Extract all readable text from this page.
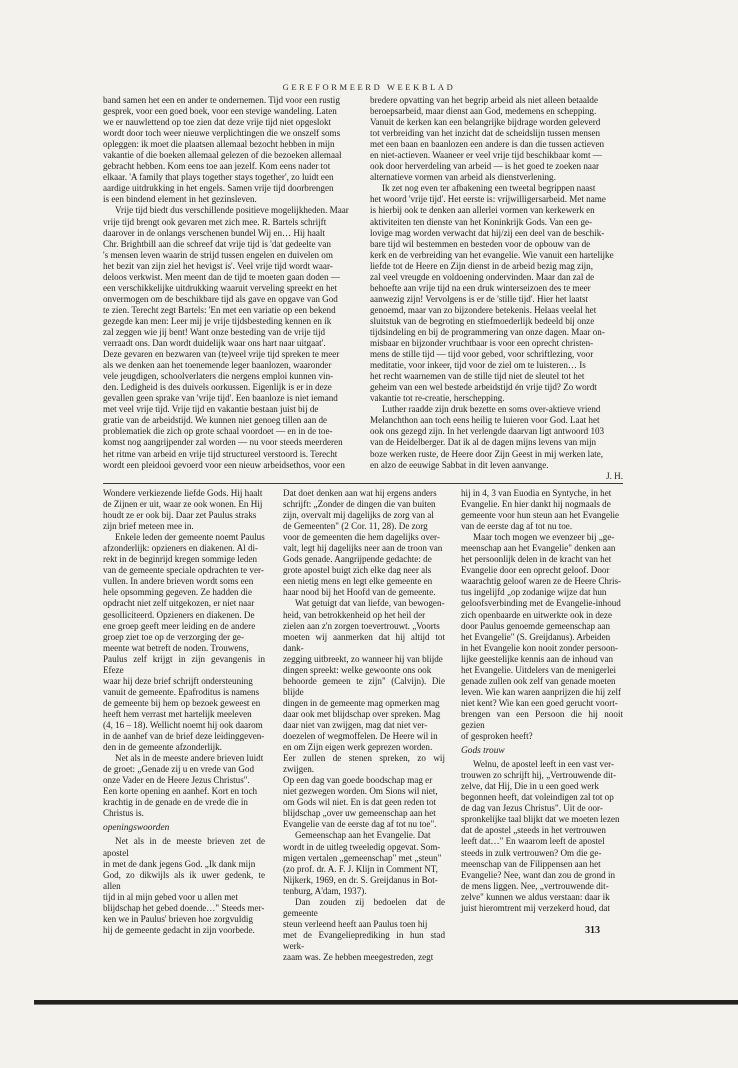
GEREFORMEERD WEEKBLAD

band samen het een en ander te ondernemen. Tijd voor een rustig
gesprek, voor een goed boek, voor een stevige wandeling. Laten
we er nauwlettend op toe zien dat deze vrije tijd niet opgeslokt
wordt door toch weer nieuwe verplichtingen die we onszelf soms
opleggen: ik moet die plaatsen allemaal bezocht hebben in mijn
vakantie of die boeken allemaal gelezen of die bezoeken allemaal
gebracht hebben. Kom eens toe aan jezelf. Kom eens nader tot
elkaar. 'A family that plays together stays together', zo luidt een
aardige uitdrukking in het engels. Samen vrije tijd doorbrengen
is een bindend element in het gezinsleven.

Vrije tijd biedt dus verschillende positieve mogelijkheden. Maar
vrije tijd brengt ook gevaren met zich mee. R. Bartels schrijft
daarover in de onlangs verschenen bundel Wij en… Hij haalt
Chr. Brightbill aan die schreef dat vrije tijd is 'dat gedeelte van
's mensen leven waarin de strijd tussen engelen en duivelen om
het bezit van zijn ziel het hevigst is'. Veel vrije tijd wordt waar-
deloos verkwist. Men meent dan de tijd te moeten gaan doden —
een verschikkelijke uitdrukking waaruit verveling spreekt en het
onvermogen om de beschikbare tijd als gave en opgave van God
te zien. Terecht zegt Bartels: 'En met een variatie op een bekend
gezegde kan men: Leer mij je vrije tijdsbesteding kennen en ik
zal zeggen wie jij bent! Want onze besteding van de vrije tijd
verraadt ons. Dan wordt duidelijk waar ons hart naar uitgaat'.
Deze gevaren en bezwaren van (te)veel vrije tijd spreken te meer
als we denken aan het toenemende leger baanlozen, waaronder
vele jeugdigen, schoolverlaters die nergens emploi kunnen vin-
den. Ledigheid is des duivels oorkussen. Eigenlijk is er in deze
gevallen geen sprake van 'vrije tijd'. Een baanloze is niet iemand
met veel vrije tijd. Vrije tijd en vakantie bestaan juist bij de
gratie van de arbeidstijd. We kunnen niet genoeg tillen aan de
problematiek die zich op grote schaal voordoet — en in de toe-
komst nog aangrijpender zal worden — nu voor steeds meerderen
het ritme van arbeid en vrije tijd structureel verstoord is. Terecht
wordt een pleidooi gevoerd voor een nieuw arbeidsethos, voor een

bredere opvatting van het begrip arbeid als niet alleen betaalde
beroepsarbeid, maar dienst aan God, medemens en schepping.
Vanuit de kerken kan een belangrijke bijdrage worden geleverd
tot verbreiding van het inzicht dat de scheidslijn tussen mensen
met een baan en baanlozen een andere is dan die tussen actieven
en niet-actieven. Waaneer er veel vrije tijd beschikbaar komt —
ook door herverdeling van arbeid — is het goed te zoeken naar
alternatieve vormen van arbeid als dienstverlening.

Ik zet nog even ter afbakening een tweetal begrippen naast
het woord 'vrije tijd'. Het eerste is: vrijwilligersarbeid. Met name
is hierbij ook te denken aan allerlei vormen van kerkewerk en
aktiviteiten ten dienste van het Koninkrijk Gods. Van een ge-
lovige mag worden verwacht dat hij/zij een deel van de beschik-
bare tijd wil bestemmen en besteden voor de opbouw van de
kerk en de verbreiding van het evangelie. Wie vanuit een hartelijke
liefde tot de Heere en Zijn dienst in de arbeid bezig mag zijn,
zal veel vreugde en voldoening ondervinden. Maar dan zal de
behoefte aan vrije tijd na een druk winterseizoen des te meer
aanwezig zijn! Vervolgens is er de 'stille tijd'. Hier het laatst
genoemd, maar van zo bijzondere betekenis. Helaas veelal het
sluitstuk van de begroting en stiefmoederlijk bedeeld bij onze
tijdsindeling en bij de programmering van onze dagen. Maar on-
misbaar en bijzonder vruchtbaar is voor een oprecht christen-
mens de stille tijd — tijd voor gebed, voor schriftlezing, voor
meditatie, voor inkeer, tijd voor de ziel om te luisteren… Is
het recht waarnemen van de stille tijd niet de sleutel tot het
geheim van een wel bestede arbeidstijd én vrije tijd? Zo wordt
vakantie tot re-creatie, herschepping.

Luther raadde zijn druk bezette en soms over-aktieve vriend
Melanchthon aan toch eens heilig te luieren voor God. Laat het
ook ons gezegd zijn. In het verlengde daarvan ligt antwoord 103
van de Heidelberger. Dat ik al de dagen mijns levens van mijn
boze werken ruste, de Heere door Zijn Geest in mij werken late,
en alzo de eeuwige Sabbat in dit leven aanvange.

J. H.

Wondere verkiezende liefde Gods. Hij haalt
de Zijnen er uit, waar ze ook wonen. En Hij
houdt ze er ook bij. Daar zet Paulus straks
zijn brief meteen mee in.

Enkele leden der gemeente noemt Paulus
afzonderlijk: opzieners en diakenen. Al di-
rekt in de beginrijd kregen sommige leden
van de gemeente speciale opdrachten te ver-
vullen. In andere brieven wordt soms een
hele opsomming gegeven. Ze hadden die
opdracht niet zelf uitgekozen, er niet naar
gesolliciteerd. Opzieners en diakenen. De
ene groep geeft meer leiding en de andere
groep ziet toe op de verzorging der ge-
meente wat betreft de noden. Trouwens,
Paulus zelf krijgt in zijn gevangenis in Efeze
waar hij deze brief schrijft ondersteuning
vanuit de gemeente. Epafroditus is namens
de gemeente bij hem op bezoek geweest en
heeft hem verrast met hartelijk meeleven
(4, 16 – 18). Wellicht noemt hij ook daarom
in de aanhef van de brief deze leidinggeven-
den in de gemeente afzonderlijk.

Net als in de meeste andere brieven luidt
de groet: „Genade zij u en vrede van God
onze Vader en de Heere Jezus Christus".
Een korte opening en aanhef. Kort en toch
krachtig in de genade en de vrede die in
Christus is.

openingswoorden

Net als in de meeste brieven zet de apostel
in met de dank jegens God. „Ik dank mijn
God, zo dikwijls als ik uwer gedenk, te allen
tijd in al mijn gebed voor u allen met
blijdschap het gebed doende…" Steeds mer-
ken we in Paulus' brieven hoe zorgvuldig
hij de gemeente gedacht in zijn voorbede.

Dat doet denken aan wat hij ergens anders
schrijft: „Zonder de dingen die van buiten
zijn, overvalt mij dagelijks de zorg van al
de Gemeenten" (2 Cor. 11, 28). De zorg
voor de gemeenten die hem dagelijks over-
valt, legt hij dagelijks neer aan de troon van
Gods genade. Aangrijpende gedachte: de
grote apostel buigt zich elke dag neer als
een nietig mens en legt elke gemeente en
haar nood bij het Hoofd van de gemeente.

Wat getuigt dat van liefde, van bewogen-
heid, van betrokkenheid op het heil der
zielen aan z'n zorgen toevertrouwt. „Voorts
moeten wij aanmerken dat hij altijd tot dank-
zegging uitbreekt, zo wanneer hij van blijde
dingen spreekt: welke gewoonte ons ook
behoorde gemeen te zijn" (Calvijn). Die blijde
dingen in de gemeente mag opmerken mag
daar ook met blijdschap over spreken. Mag
daar niet van zwijgen, mag dat niet ver-
doezelen of wegmoffelen. De Heere wil in
en om Zijn eigen werk geprezen worden.
Eer zullen de stenen spreken, zo wij zwijgen.
Op een dag van goede boodschap mag er
niet gezwegen worden. Om Sions wil niet,
om Gods wil niet. En is dat geen reden tot
blijdschap „over uw gemeenschap aan het
Evangelie van de eerste dag af tot nu toe".

Gemeenschap aan het Evangelie. Dat
wordt in de uitleg tweeledig opgevat. Som-
migen vertalen „gemeenschap" met „steun"
(zo prof. dr. A. F. J. Klijn in Comment NT,
Nijkerk, 1969, en dr. S. Greijdanus in Bot-
tenburg, A'dam, 1937).

Dan zouden zij bedoelen dat de gemeente
steun verleend heeft aan Paulus toen hij
met de Evangelieprediking in hun stad werk-
zaam was. Ze hebben meegestreden, zegt

hij in 4, 3 van Euodia en Syntyche, in het
Evangelie. En hier dankt hij nogmaals de
gemeente voor hun steun aan het Evangelie
van de eerste dag af tot nu toe.

Maar toch mogen we evenzeer bij „ge-
meenschap aan het Evangelie" denken aan
het persoonlijk delen in de kracht van het
Evangelie door een oprecht geloof. Door
waarachtig geloof waren ze de Heere Chris-
tus ingelijfd „op zodanige wijze dat hun
geloofsverbinding met de Evangelie-inhoud
zich openbaarde en uitwerkte ook in deze
door Paulus genoemde gemeenschap aan
het Evangelie" (S. Greijdanus). Arbeiden
in het Evangelie kon nooit zonder persoon-
lijke geestelijke kennis aan de inhoud van
het Evangelie. Uitdelers van de menigerlei
genade zullen ook zelf van genade moeten
leven. Wie kan waren aanprijzen die hij zelf
niet kent? Wie kan een goed gerucht voort-
brengen van een Persoon die hij nooit gezien
of gesproken heeft?

Gods trouw

Welnu, de apostel leeft in een vast ver-
trouwen zo schrijft hij, „Vertrouwende dit-
zelve, dat Hij, Die in u een goed werk
begonnen heeft, dat voleindigen zal tot op
de dag van Jezus Christus". Uit de oor-
spronkelijke taal blijkt dat we moeten lezen
dat de apostel „steeds in het vertrouwen
leeft dat…" En waarom leeft de apostel
steeds in zulk vertrouwen? Om die ge-
meenschap van de Filippensen aan het
Evangelie? Nee, want dan zou de grond in
de mens liggen. Nee, „vertrouwende dit-
zelve" kunnen we aldus verstaan: daar ik
juist hieromtrent mij verzekerd houd, dat

313
